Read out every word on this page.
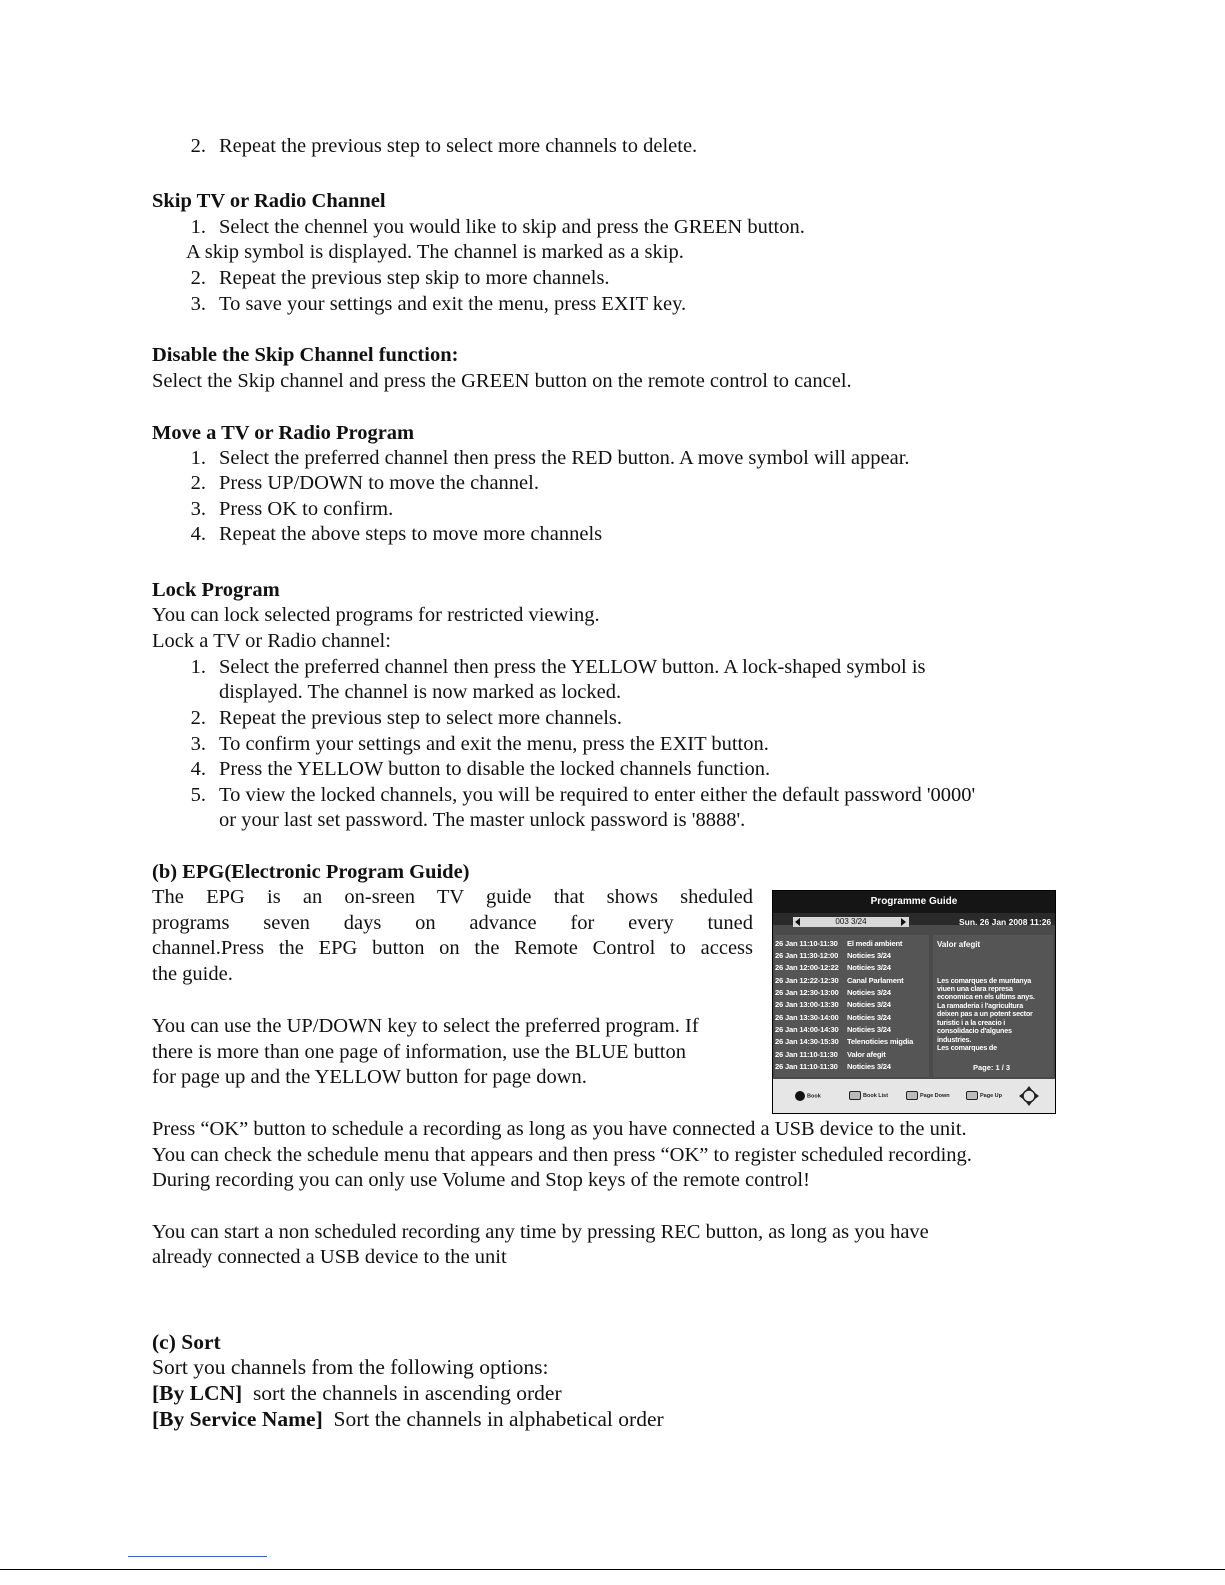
2. Repeat the previous step to select more channels to delete.
Skip TV or Radio Channel
1. Select the chennel you would like to skip and press the GREEN button.
A skip symbol is displayed. The channel is marked as a skip.
2. Repeat the previous step skip to more channels.
3. To save your settings and exit the menu, press EXIT key.
Disable the Skip Channel function:
Select the Skip channel and press the GREEN button on the remote control to cancel.
Move a TV or Radio Program
1. Select the preferred channel then press the RED button. A move symbol will appear.
2. Press UP/DOWN to move the channel.
3. Press OK to confirm.
4. Repeat the above steps to move more channels
Lock Program
You can lock selected programs for restricted viewing.
Lock a TV or Radio channel:
1. Select the preferred channel then press the YELLOW button. A lock-shaped symbol is
displayed. The channel is now marked as locked.
2. Repeat the previous step to select more channels.
3. To confirm your settings and exit the menu, press the EXIT button.
4. Press the YELLOW button to disable the locked channels function.
5. To view the locked channels, you will be required to enter either the default password '0000'
or your last set password. The master unlock password is '8888'.
(b) EPG(Electronic Program Guide)
The EPG is an on-sreen TV guide that shows sheduled
programs seven days on advance for every tuned
channel.Press the EPG button on the Remote Control to access
the guide.
You can use the UP/DOWN key to select the preferred program. If
there is more than one page of information, use the BLUE button
for page up and the YELLOW button for page down.
Press “OK” button to schedule a recording as long as you have connected a USB device to the unit.
You can check the schedule menu that appears and then press “OK” to register scheduled recording.
During recording you can only use Volume and Stop keys of the remote control!
You can start a non scheduled recording any time by pressing REC button, as long as you have
already connected a USB device to the unit
Programme Guide
003 3/24	Sun. 26 Jan 2008 11:26
26 Jan 11:10-11:30 El medi ambient
26 Jan 11:30-12:00 Noticies 3/24
26 Jan 12:00-12:22 Noticies 3/24
26 Jan 12:22-12:30 Canal Parlament
26 Jan 12:30-13:00 Noticies 3/24
26 Jan 13:00-13:30 Noticies 3/24
26 Jan 13:30-14:00 Noticies 3/24
26 Jan 14:00-14:30 Noticies 3/24
26 Jan 14:30-15:30 Telenoticies migdia
26 Jan 11:10-11:30 Valor afegit
26 Jan 11:10-11:30 Noticies 3/24
Valor afegit
Les comarques de muntanya
viuen una clara represa
economica en els ultims anys.
La ramaderia i l'agricultura
deixen pas a un potent sector
turistic i a la creacio i
consolidacio d'algunes
industries.
Les comarques de
Page: 1 / 3
Book	Book List	Page Down	Page Up
(c) Sort
Sort you channels from the following options:
[By LCN] sort the channels in ascending order
[By Service Name] Sort the channels in alphabetical order
